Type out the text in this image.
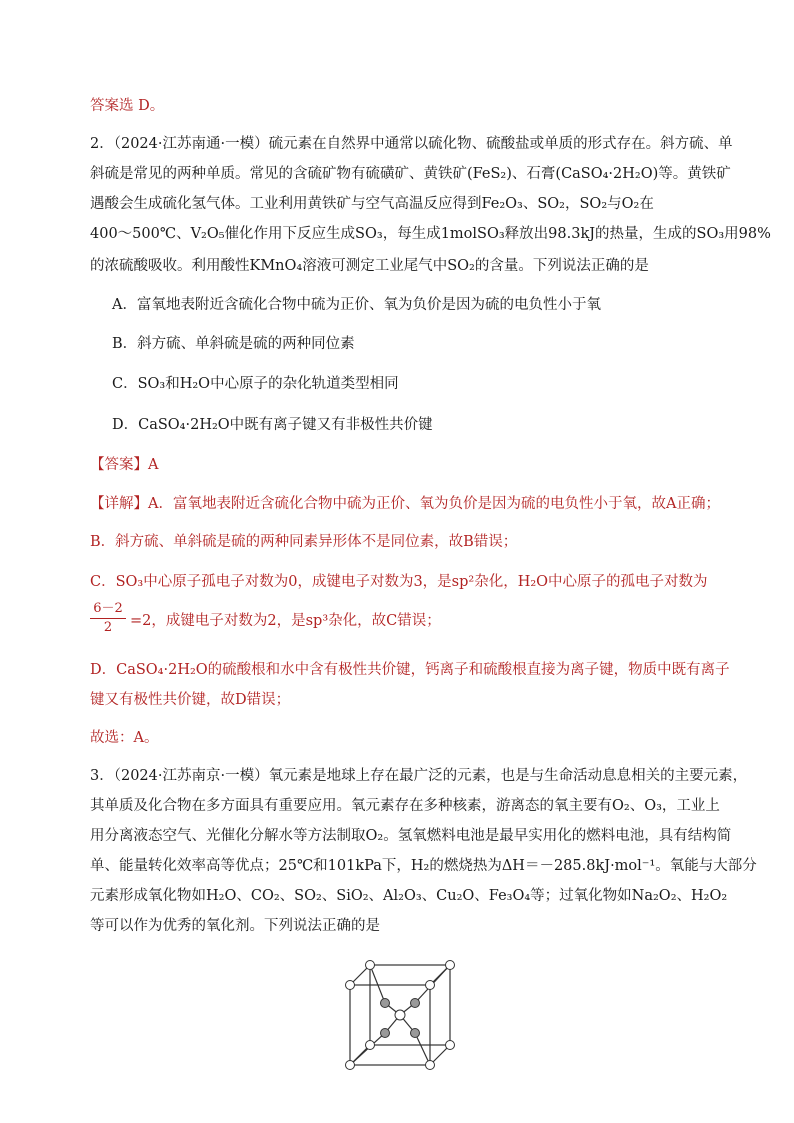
答案选 D。
2．（2024·江苏南通·一模）硫元素在自然界中通常以硫化物、硫酸盐或单质的形式存在。斜方硫、单
斜硫是常见的两种单质。常见的含硫矿物有硫磺矿、黄铁矿(FeS₂)、石膏(CaSO₄·2H₂O)等。黄铁矿
遇酸会生成硫化氢气体。工业利用黄铁矿与空气高温反应得到Fe₂O₃、SO₂，SO₂与O₂在
400～500℃、V₂O₅催化作用下反应生成SO₃，每生成1molSO₃释放出98.3kJ的热量，生成的SO₃用98%
的浓硫酸吸收。利用酸性KMnO₄溶液可测定工业尾气中SO₂的含量。下列说法正确的是
A．富氧地表附近含硫化合物中硫为正价、氧为负价是因为硫的电负性小于氧
B．斜方硫、单斜硫是硫的两种同位素
C．SO₃和H₂O中心原子的杂化轨道类型相同
D．CaSO₄·2H₂O中既有离子键又有非极性共价键
【答案】A
【详解】A．富氧地表附近含硫化合物中硫为正价、氧为负价是因为硫的电负性小于氧，故A正确；
B．斜方硫、单斜硫是硫的两种同素异形体不是同位素，故B错误；
C．SO₃中心原子孤电子对数为0，成键电子对数为3，是sp²杂化，H₂O中心原子的孤电子对数为
$\frac{6-2}{2} =2$，成键电子对数为2，是sp³杂化，故C错误；
D．CaSO₄·2H₂O的硫酸根和水中含有极性共价键，钙离子和硫酸根直接为离子键，物质中既有离子
键又有极性共价键，故D错误；
故选：A。
3．（2024·江苏南京·一模）氧元素是地球上存在最广泛的元素，也是与生命活动息息相关的主要元素，
其单质及化合物在多方面具有重要应用。氧元素存在多种核素，游离态的氧主要有O₂、O₃，工业上
用分离液态空气、光催化分解水等方法制取O₂。氢氧燃料电池是最早实用化的燃料电池，具有结构简
单、能量转化效率高等优点；25℃和101kPa下，H₂的燃烧热为ΔH＝－285.8kJ·mol⁻¹。氧能与大部分
元素形成氧化物如H₂O、CO₂、SO₂、SiO₂、Al₂O₃、Cu₂O、Fe₃O₄等；过氧化物如Na₂O₂、H₂O₂
等可以作为优秀的氧化剂。下列说法正确的是
